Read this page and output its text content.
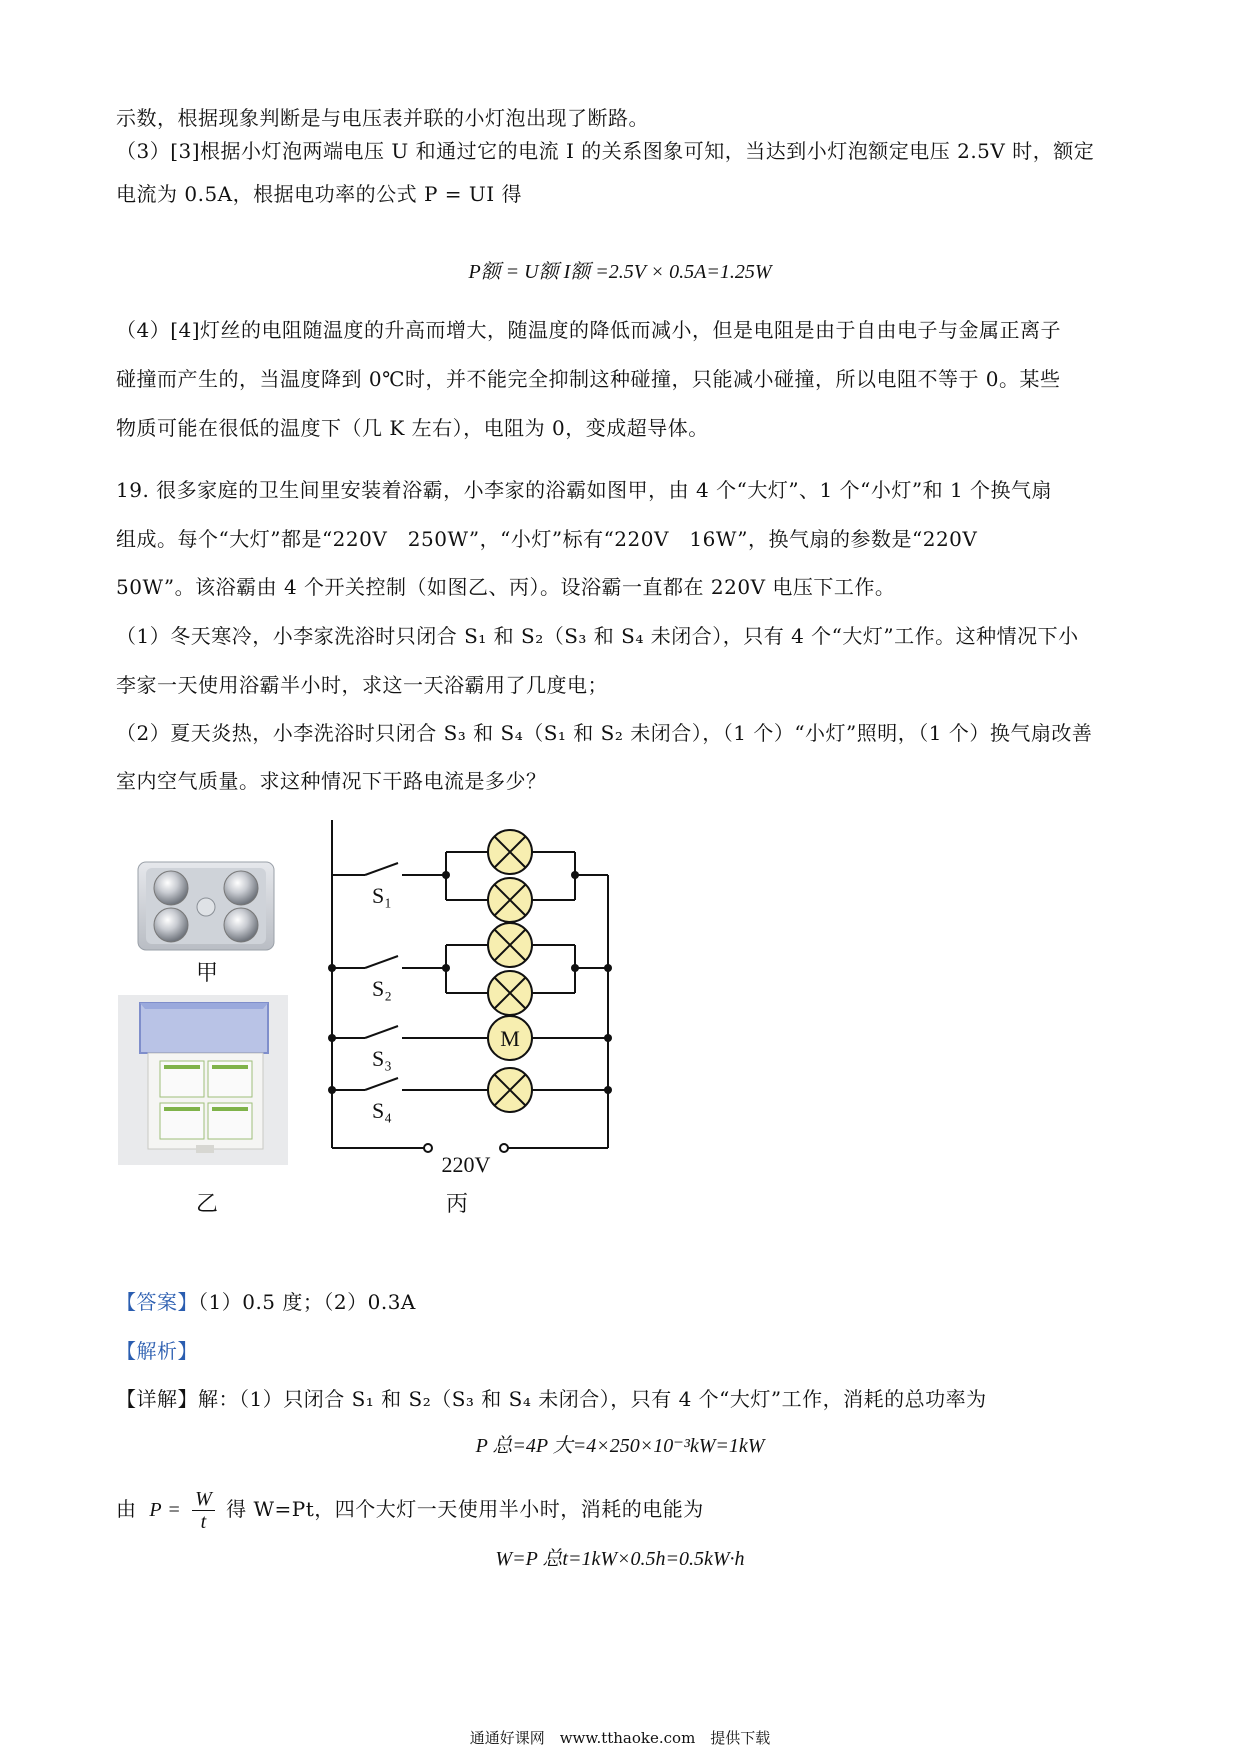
示数，根据现象判断是与电压表并联的小灯泡出现了断路。
（3）[3]根据小灯泡两端电压 U 和通过它的电流 I 的关系图象可知，当达到小灯泡额定电压 2.5V 时，额定
电流为 0.5A，根据电功率的公式 P = UI 得
P额 = U额 I额 =2.5V × 0.5A=1.25W
（4）[4]灯丝的电阻随温度的升高而增大，随温度的降低而减小，但是电阻是由于自由电子与金属正离子
碰撞而产生的，当温度降到 0℃时，并不能完全抑制这种碰撞，只能减小碰撞，所以电阻不等于 0。某些
物质可能在很低的温度下（几 K 左右），电阻为 0，变成超导体。
19. 很多家庭的卫生间里安装着浴霸，小李家的浴霸如图甲，由 4 个“大灯”、1 个“小灯”和 1 个换气扇
组成。每个“大灯”都是“220V　250W”，“小灯”标有“220V　16W”，换气扇的参数是“220V
50W”。该浴霸由 4 个开关控制（如图乙、丙）。设浴霸一直都在 220V 电压下工作。
（1）冬天寒冷，小李家洗浴时只闭合 S₁ 和 S₂（S₃ 和 S₄ 未闭合），只有 4 个“大灯”工作。这种情况下小
李家一天使用浴霸半小时，求这一天浴霸用了几度电；
（2）夏天炎热，小李洗浴时只闭合 S₃ 和 S₄（S₁ 和 S₂ 未闭合），（1 个）“小灯”照明，（1 个）换气扇改善
室内空气质量。求这种情况下干路电流是多少？
甲
乙
M
S₁
S₂
S₃
S₄
220V
丙
【答案】（1）0.5 度；（2）0.3A
【解析】
【详解】解：（1）只闭合 S₁ 和 S₂（S₃ 和 S₄ 未闭合），只有 4 个“大灯”工作，消耗的总功率为
P 总=4P 大=4×250×10⁻³kW=1kW
由 $P = \frac{W}{t}$ 得 W=Pt，四个大灯一天使用半小时，消耗的电能为
W=P 总t=1kW×0.5h=0.5kW·h
通通好课网　www.tthaoke.com　提供下载
